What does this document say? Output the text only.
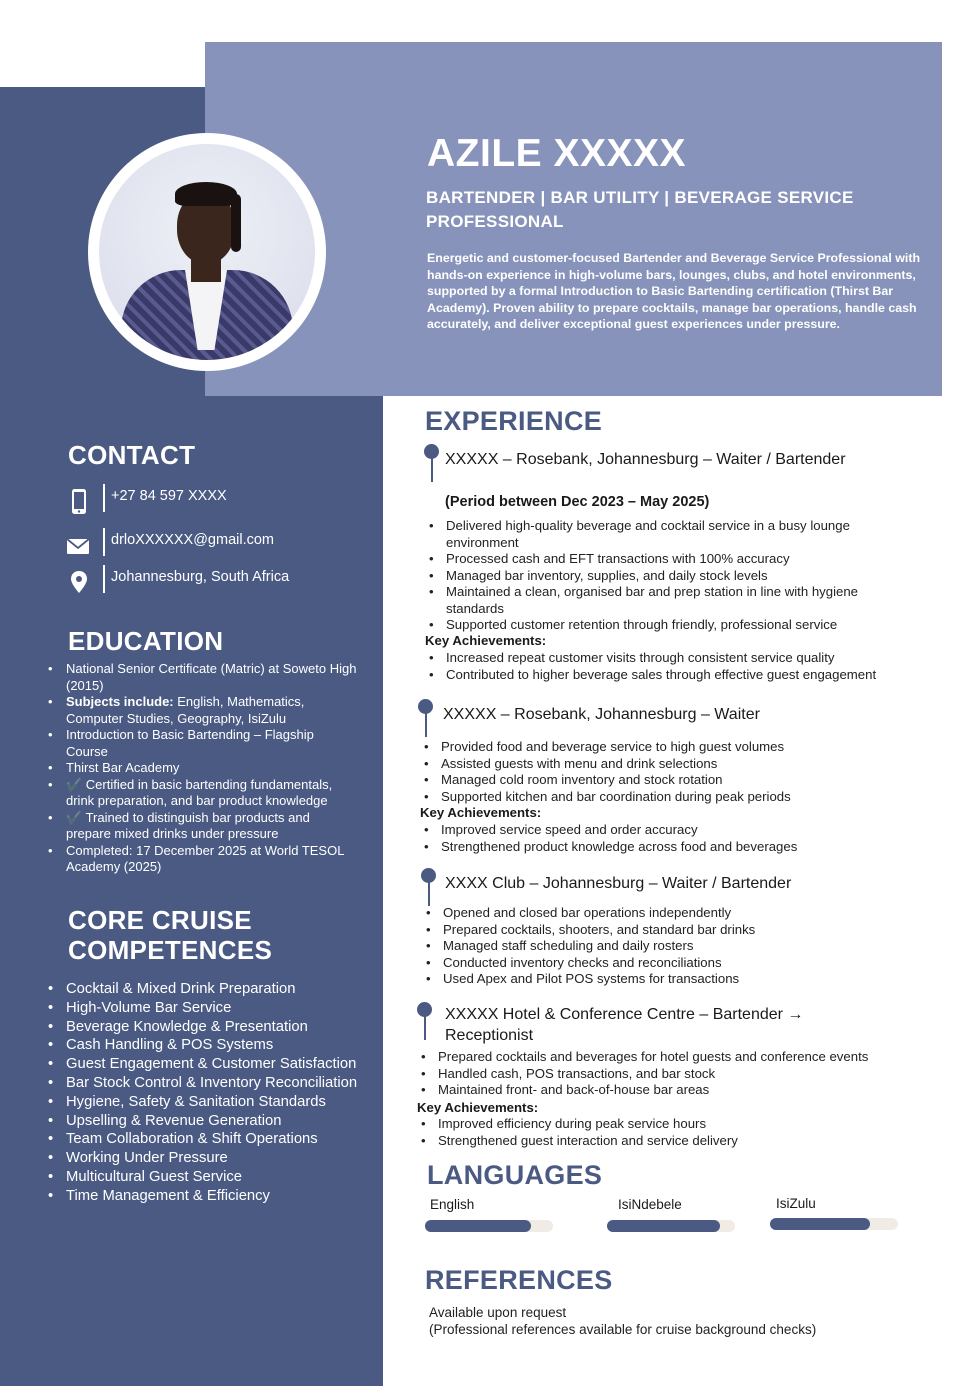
AZILE XXXXX
BARTENDER | BAR UTILITY | BEVERAGE SERVICE PROFESSIONAL
Energetic and customer-focused Bartender and Beverage Service Professional with hands-on experience in high-volume bars, lounges, clubs, and hotel environments, supported by a formal Introduction to Basic Bartending certification (Thirst Bar Academy). Proven ability to prepare cocktails, manage bar operations, handle cash accurately, and deliver exceptional guest experiences under pressure.
CONTACT
+27 84 597 XXXX
drloXXXXXX@gmail.com
Johannesburg, South Africa
EDUCATION
• National Senior Certificate (Matric) at Soweto High (2015)
• Subjects include: English, Mathematics, Computer Studies, Geography, IsiZulu
• Introduction to Basic Bartending – Flagship Course
• Thirst Bar Academy
• ✔️ Certified in basic bartending fundamentals, drink preparation, and bar product knowledge
• ✔️ Trained to distinguish bar products and prepare mixed drinks under pressure
• Completed: 17 December 2025 at World TESOL Academy (2025)
CORE CRUISE COMPETENCES
• Cocktail & Mixed Drink Preparation
• High-Volume Bar Service
• Beverage Knowledge & Presentation
• Cash Handling & POS Systems
• Guest Engagement & Customer Satisfaction
• Bar Stock Control & Inventory Reconciliation
• Hygiene, Safety & Sanitation Standards
• Upselling & Revenue Generation
• Team Collaboration & Shift Operations
• Working Under Pressure
• Multicultural Guest Service
• Time Management & Efficiency
EXPERIENCE
XXXXX – Rosebank, Johannesburg – Waiter / Bartender
(Period between Dec 2023 – May 2025)
• Delivered high-quality beverage and cocktail service in a busy lounge environment
• Processed cash and EFT transactions with 100% accuracy
• Managed bar inventory, supplies, and daily stock levels
• Maintained a clean, organised bar and prep station in line with hygiene standards
• Supported customer retention through friendly, professional service
Key Achievements:
• Increased repeat customer visits through consistent service quality
• Contributed to higher beverage sales through effective guest engagement
XXXXX – Rosebank, Johannesburg – Waiter
• Provided food and beverage service to high guest volumes
• Assisted guests with menu and drink selections
• Managed cold room inventory and stock rotation
• Supported kitchen and bar coordination during peak periods
Key Achievements:
• Improved service speed and order accuracy
• Strengthened product knowledge across food and beverages
XXXX Club – Johannesburg – Waiter / Bartender
• Opened and closed bar operations independently
• Prepared cocktails, shooters, and standard bar drinks
• Managed staff scheduling and daily rosters
• Conducted inventory checks and reconciliations
• Used Apex and Pilot POS systems for transactions
XXXXX Hotel & Conference Centre – Bartender → Receptionist
• Prepared cocktails and beverages for hotel guests and conference events
• Handled cash, POS transactions, and bar stock
• Maintained front- and back-of-house bar areas
Key Achievements:
• Improved efficiency during peak service hours
• Strengthened guest interaction and service delivery
LANGUAGES
English	IsiNdebele	IsiZulu
REFERENCES
Available upon request
(Professional references available for cruise background checks)
